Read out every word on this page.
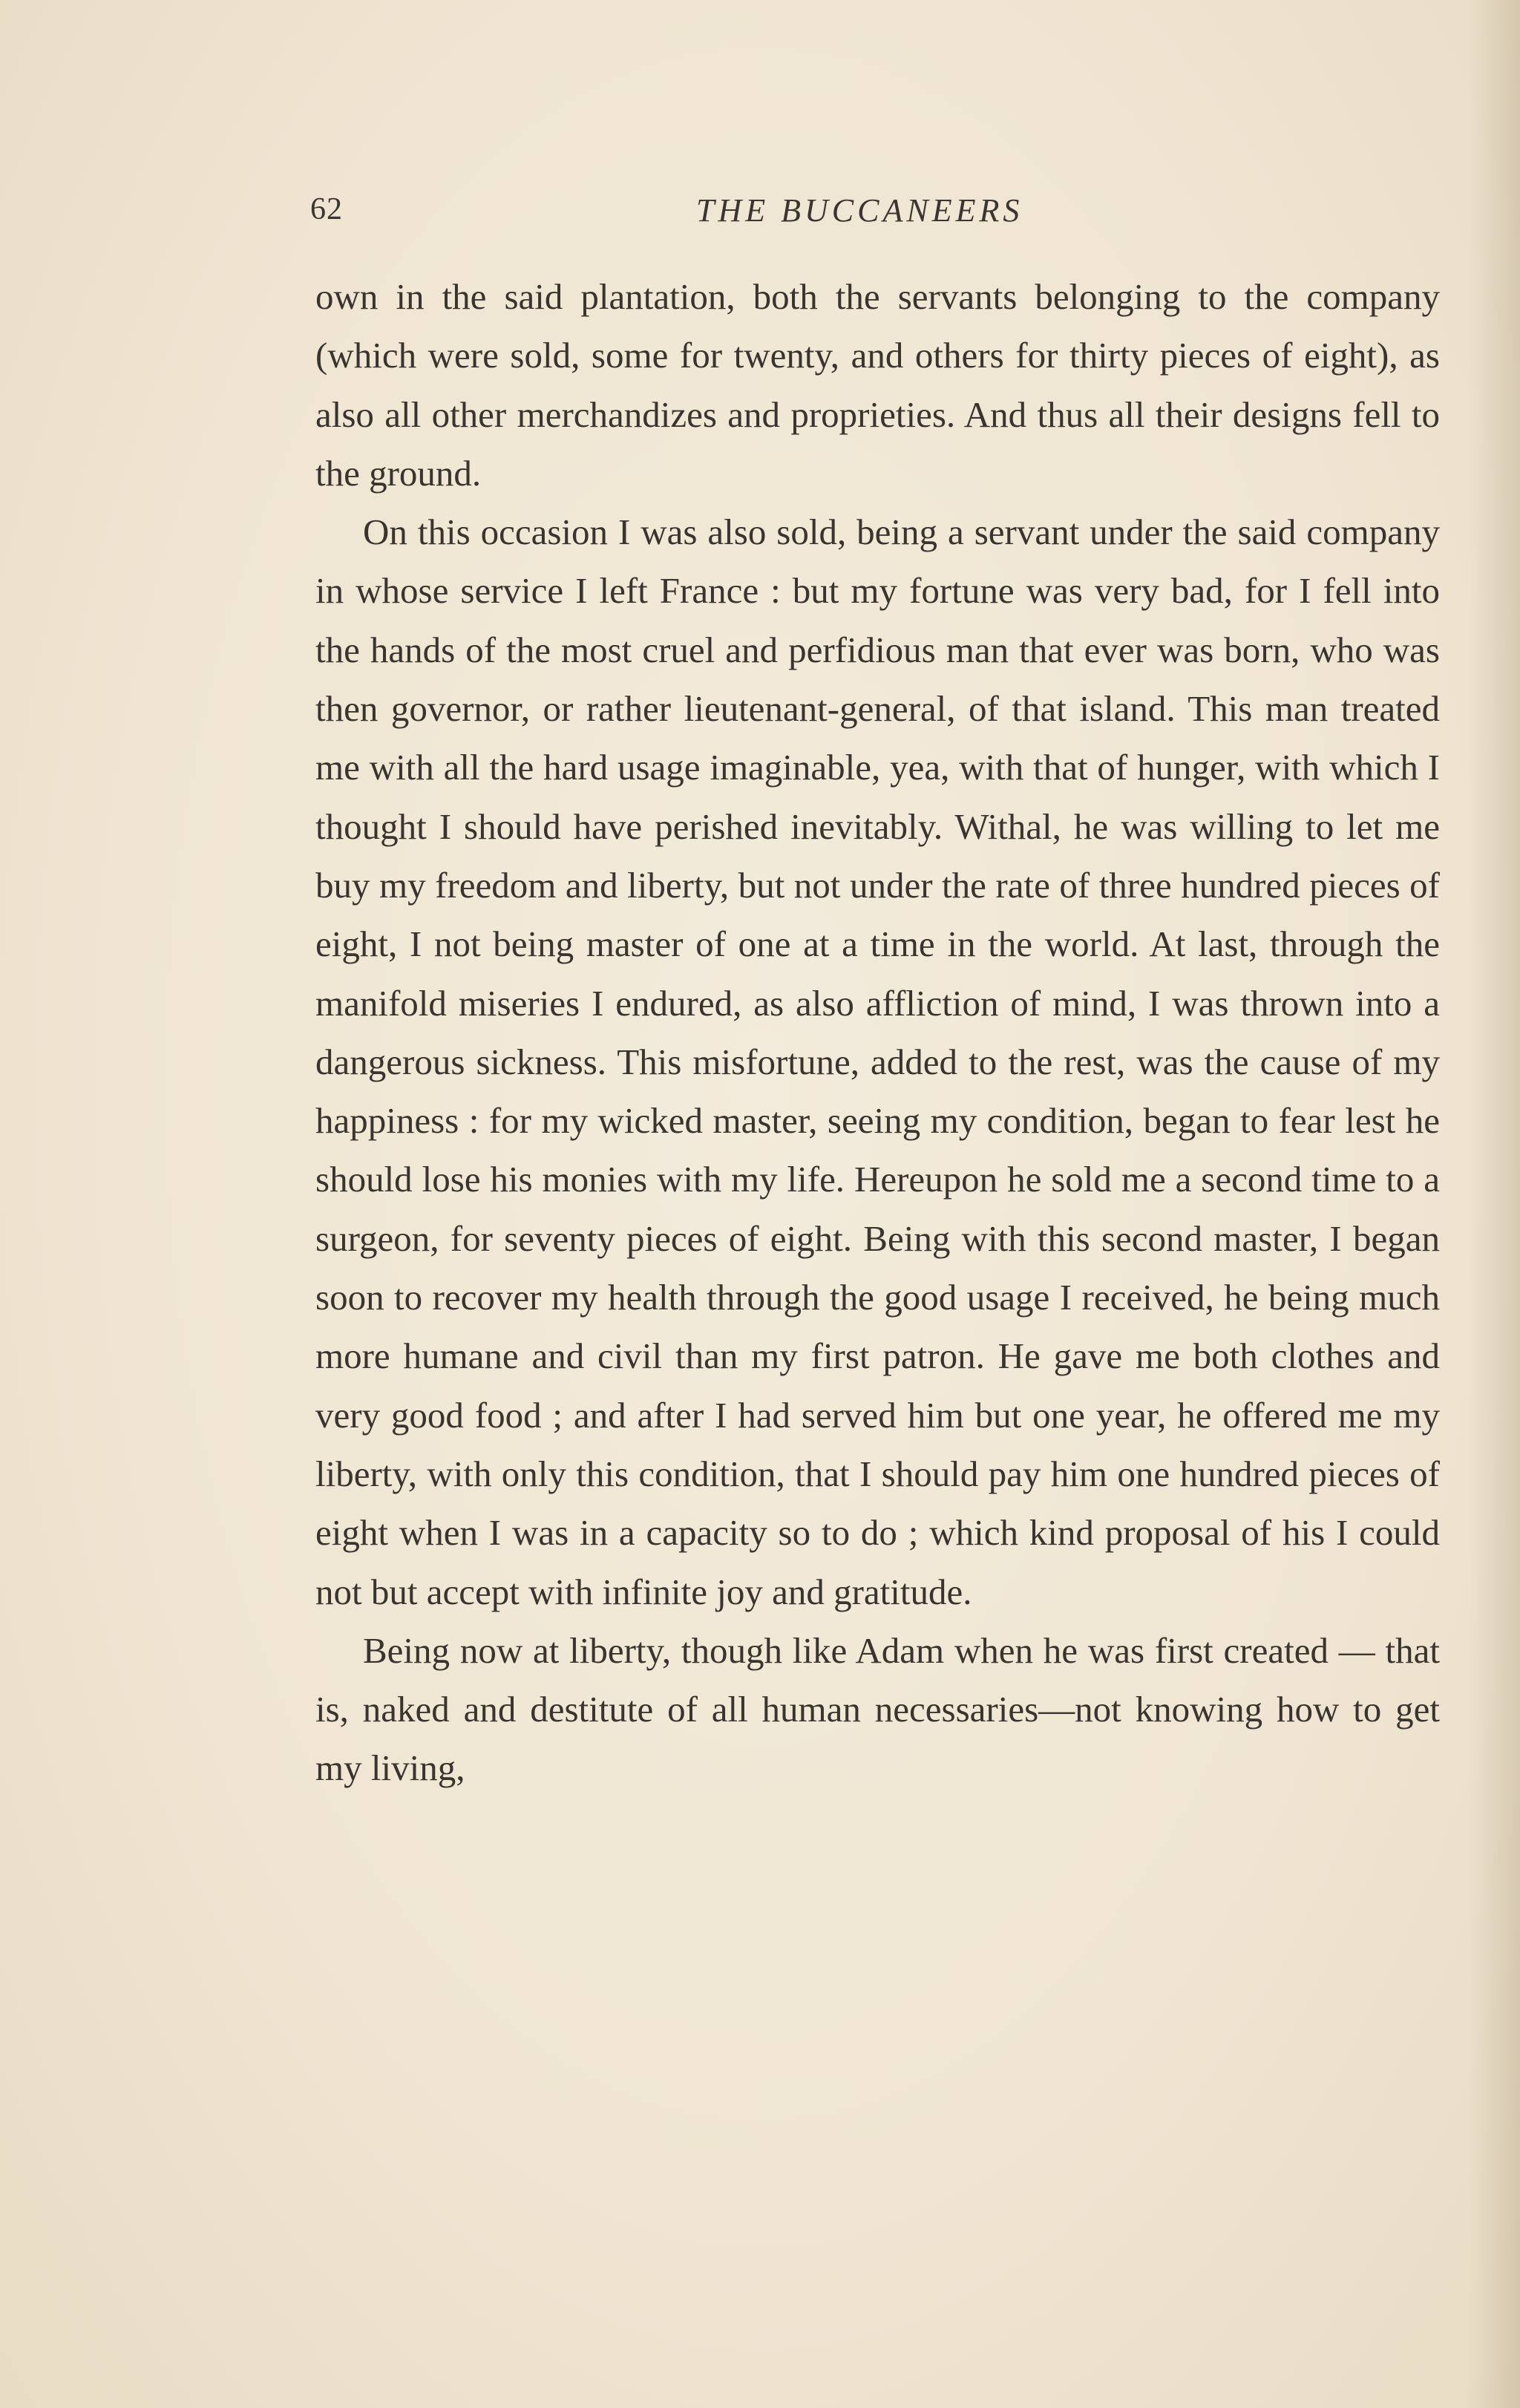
62	THE BUCCANEERS

own in the said plantation, both the servants belonging to the company (which were sold, some for twenty, and others for thirty pieces of eight), as also all other merchandizes and proprieties. And thus all their designs fell to the ground.

On this occasion I was also sold, being a servant under the said company in whose service I left France : but my fortune was very bad, for I fell into the hands of the most cruel and perfidious man that ever was born, who was then governor, or rather lieutenant-general, of that island. This man treated me with all the hard usage imaginable, yea, with that of hunger, with which I thought I should have perished inevitably. Withal, he was willing to let me buy my freedom and liberty, but not under the rate of three hundred pieces of eight, I not being master of one at a time in the world. At last, through the manifold miseries I endured, as also affliction of mind, I was thrown into a dangerous sickness. This misfortune, added to the rest, was the cause of my happiness : for my wicked master, seeing my condition, began to fear lest he should lose his monies with my life. Hereupon he sold me a second time to a surgeon, for seventy pieces of eight. Being with this second master, I began soon to recover my health through the good usage I received, he being much more humane and civil than my first patron. He gave me both clothes and very good food ; and after I had served him but one year, he offered me my liberty, with only this condition, that I should pay him one hundred pieces of eight when I was in a capacity so to do ; which kind proposal of his I could not but accept with infinite joy and gratitude.

Being now at liberty, though like Adam when he was first created — that is, naked and destitute of all human necessaries—not knowing how to get my living,
